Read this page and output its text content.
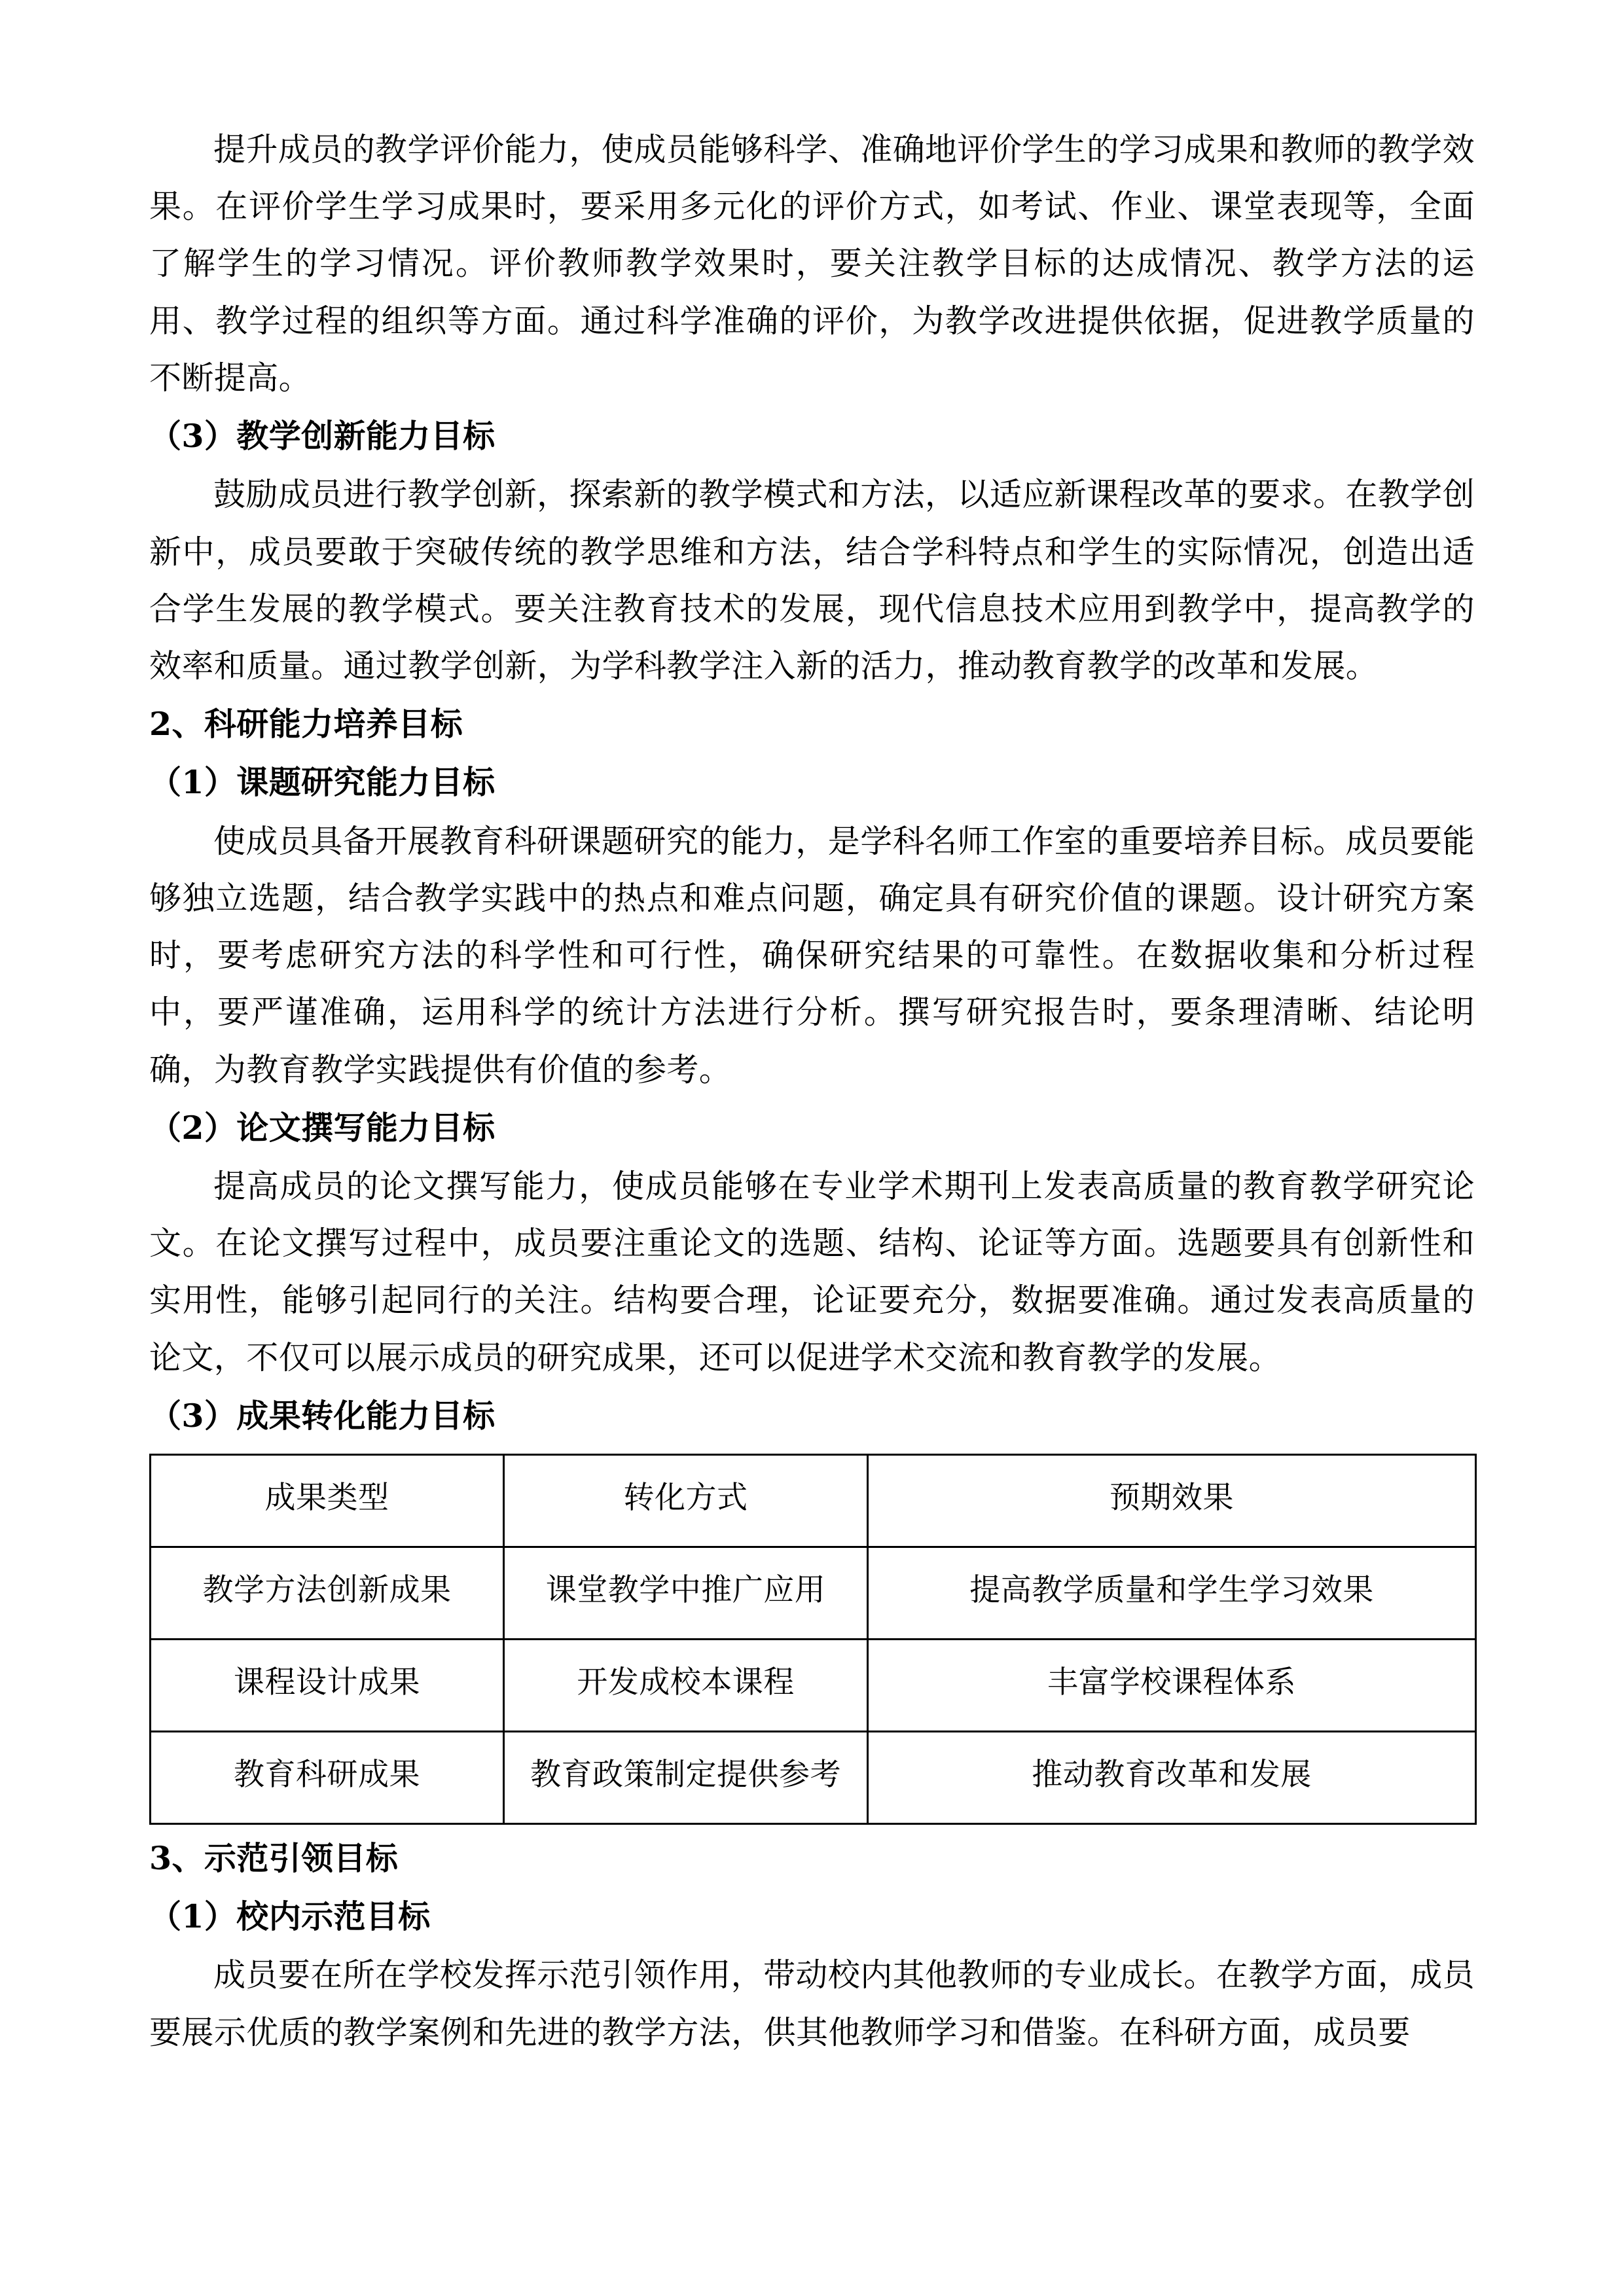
提升成员的教学评价能力，使成员能够科学、准确地评价学生的学习成果和教师的教学效果。在评价学生学习成果时，要采用多元化的评价方式，如考试、作业、课堂表现等，全面了解学生的学习情况。评价教师教学效果时，要关注教学目标的达成情况、教学方法的运用、教学过程的组织等方面。通过科学准确的评价，为教学改进提供依据，促进教学质量的不断提高。

（3）教学创新能力目标

鼓励成员进行教学创新，探索新的教学模式和方法，以适应新课程改革的要求。在教学创新中，成员要敢于突破传统的教学思维和方法，结合学科特点和学生的实际情况，创造出适合学生发展的教学模式。要关注教育技术的发展，现代信息技术应用到教学中，提高教学的效率和质量。通过教学创新，为学科教学注入新的活力，推动教育教学的改革和发展。

2、科研能力培养目标

（1）课题研究能力目标

使成员具备开展教育科研课题研究的能力，是学科名师工作室的重要培养目标。成员要能够独立选题，结合教学实践中的热点和难点问题，确定具有研究价值的课题。设计研究方案时，要考虑研究方法的科学性和可行性，确保研究结果的可靠性。在数据收集和分析过程中，要严谨准确，运用科学的统计方法进行分析。撰写研究报告时，要条理清晰、结论明确，为教育教学实践提供有价值的参考。

（2）论文撰写能力目标

提高成员的论文撰写能力，使成员能够在专业学术期刊上发表高质量的教育教学研究论文。在论文撰写过程中，成员要注重论文的选题、结构、论证等方面。选题要具有创新性和实用性，能够引起同行的关注。结构要合理，论证要充分，数据要准确。通过发表高质量的论文，不仅可以展示成员的研究成果，还可以促进学术交流和教育教学的发展。

（3）成果转化能力目标

成果类型	转化方式	预期效果
教学方法创新成果	课堂教学中推广应用	提高教学质量和学生学习效果
课程设计成果	开发成校本课程	丰富学校课程体系
教育科研成果	教育政策制定提供参考	推动教育改革和发展

3、示范引领目标

（1）校内示范目标

成员要在所在学校发挥示范引领作用，带动校内其他教师的专业成长。在教学方面，成员要展示优质的教学案例和先进的教学方法，供其他教师学习和借鉴。在科研方面，成员要
